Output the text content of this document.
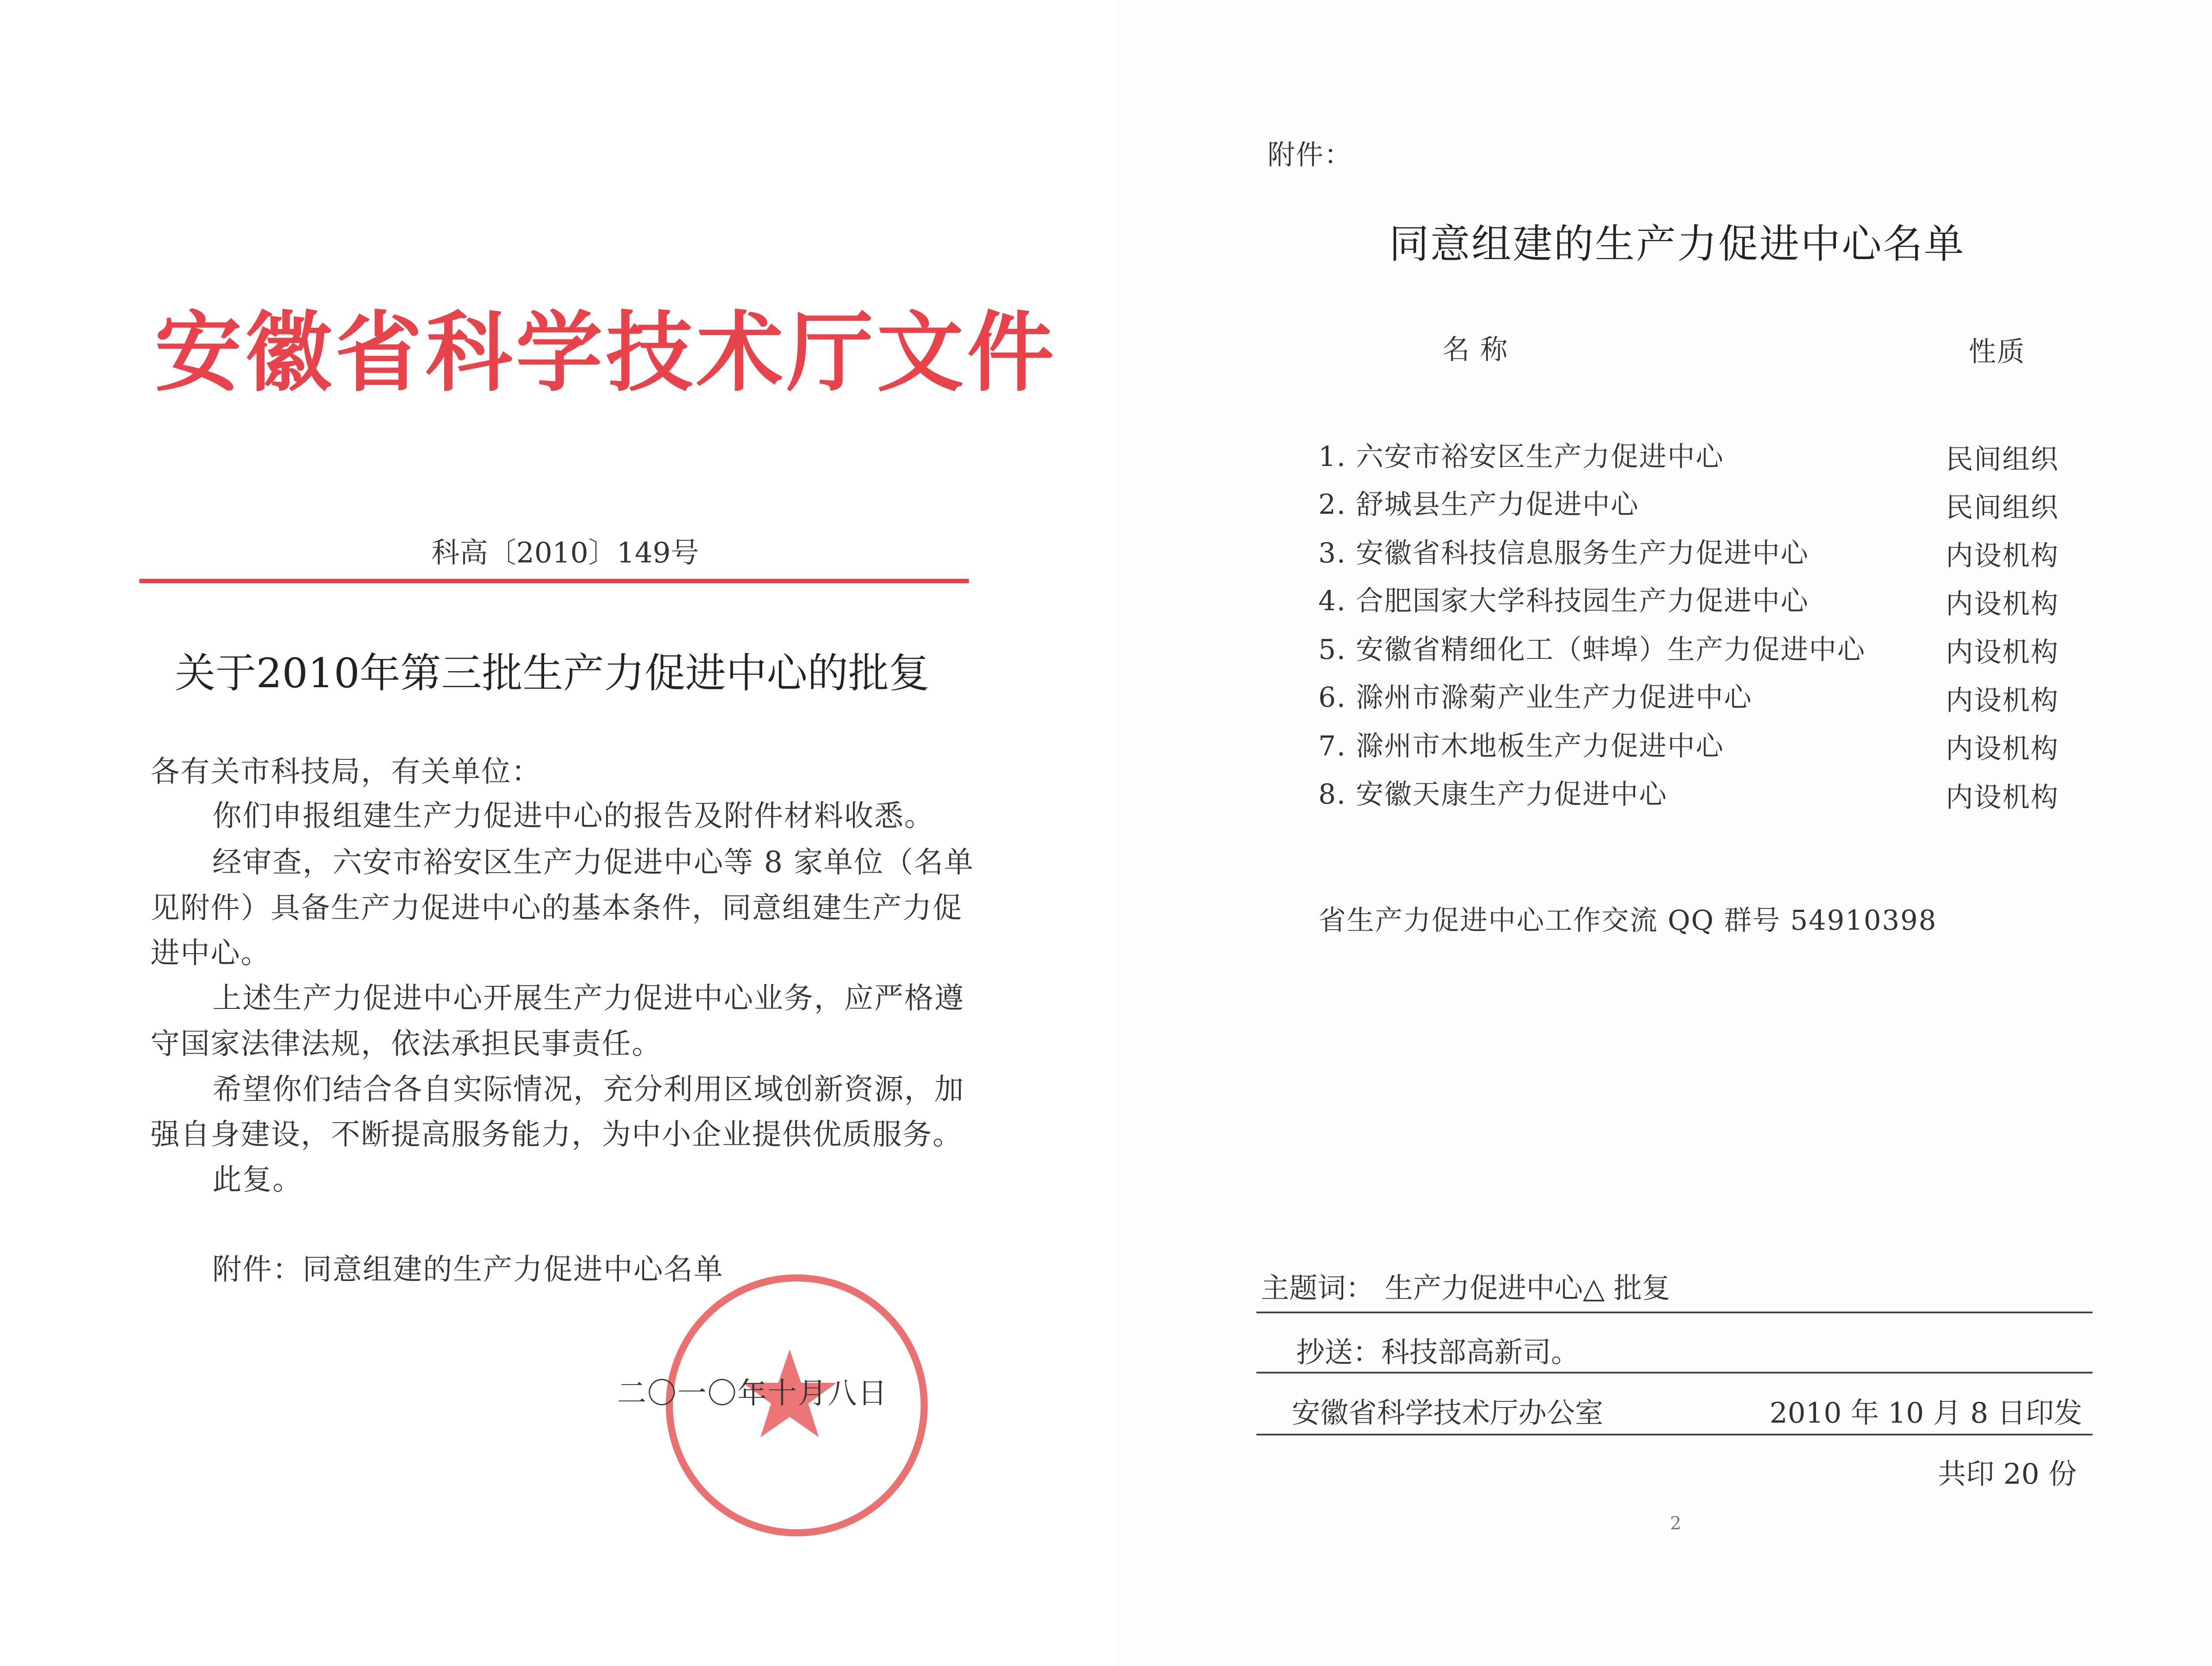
安徽省科学技术厅文件
科高〔2010〕149号
关于2010年第三批生产力促进中心的批复
各有关市科技局，有关单位：
你们申报组建生产力促进中心的报告及附件材料收悉。
经审查，六安市裕安区生产力促进中心等 8 家单位（名单
见附件）具备生产力促进中心的基本条件，同意组建生产力促
进中心。
上述生产力促进中心开展生产力促进中心业务，应严格遵
守国家法律法规，依法承担民事责任。
希望你们结合各自实际情况，充分利用区域创新资源，加
强自身建设，不断提高服务能力，为中小企业提供优质服务。
此复。
附件：同意组建的生产力促进中心名单
二〇一〇年十月八日
附件：
同意组建的生产力促进中心名单
名 称	性质
1. 六安市裕安区生产力促进中心	民间组织
2. 舒城县生产力促进中心	民间组织
3. 安徽省科技信息服务生产力促进中心	内设机构
4. 合肥国家大学科技园生产力促进中心	内设机构
5. 安徽省精细化工（蚌埠）生产力促进中心	内设机构
6. 滁州市滁菊产业生产力促进中心	内设机构
7. 滁州市木地板生产力促进中心	内设机构
8. 安徽天康生产力促进中心	内设机构
省生产力促进中心工作交流 QQ 群号 54910398
主题词： 生产力促进中心△ 批复
抄送：科技部高新司。
安徽省科学技术厅办公室	2010 年 10 月 8 日印发
共印 20 份
2
